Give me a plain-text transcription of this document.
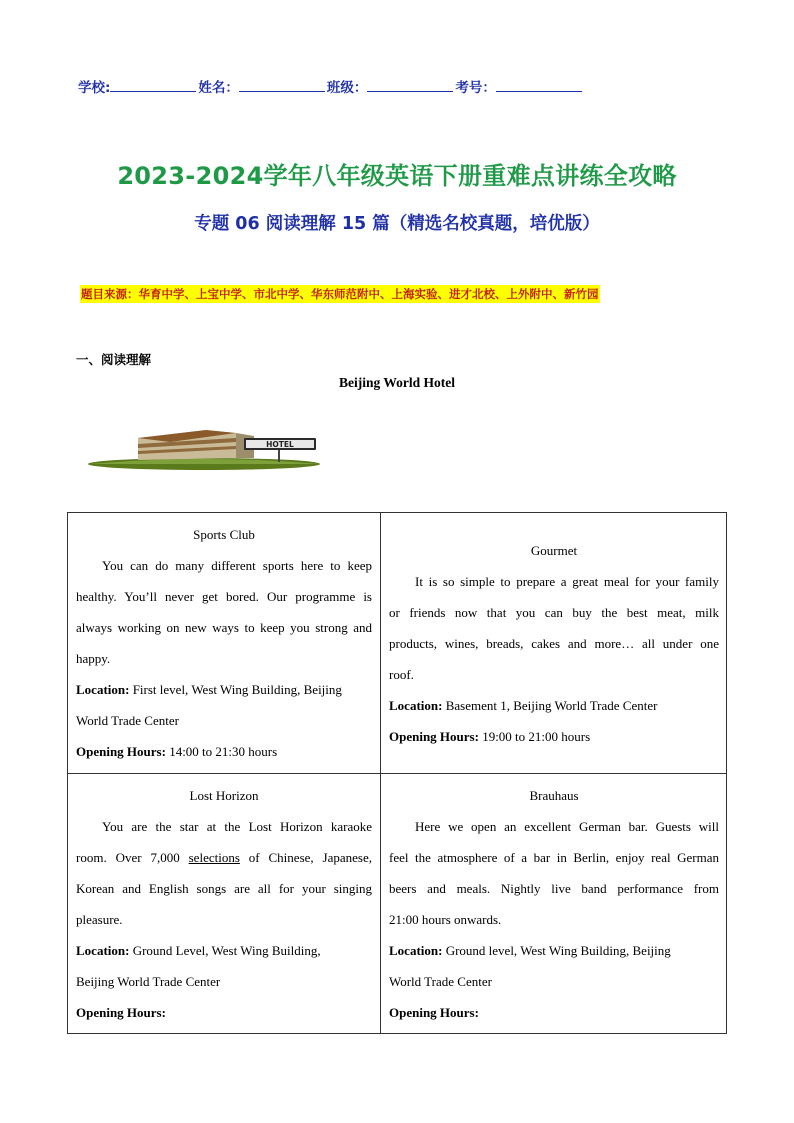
学校:	姓名：	班级：	考号：
2023-2024学年八年级英语下册重难点讲练全攻略
专题 06 阅读理解 15 篇（精选名校真题，培优版）
题目来源：华育中学、上宝中学、市北中学、华东师范附中、上海实验、进才北校、上外附中、新竹园
一、阅读理解
Beijing World Hotel
HOTEL
Sports Club

You can do many different sports here to keep

healthy. You’ll never get bored. Our programme is
always working on new ways to keep you strong and
happy.
Location: First level, West Wing Building, Beijing
World Trade Center
Opening Hours: 14:00 to 21:30 hours
Gourmet

It is so simple to prepare a great meal for your family

or friends now that you can buy the best meat, milk
products, wines, breads, cakes and more… all under one
roof.
Location: Basement 1, Beijing World Trade Center
Opening Hours: 19:00 to 21:00 hours
Lost Horizon

You are the star at the Lost Horizon karaoke

room. Over 7,000 selections of Chinese, Japanese,
Korean and English songs are all for your singing
pleasure.
Location: Ground Level, West Wing Building,
Beijing World Trade Center
Opening Hours:
Brauhaus

Here we open an excellent German bar. Guests will

feel the atmosphere of a bar in Berlin, enjoy real German
beers and meals. Nightly live band performance from
21:00 hours onwards.
Location: Ground level, West Wing Building, Beijing
World Trade Center
Opening Hours:
